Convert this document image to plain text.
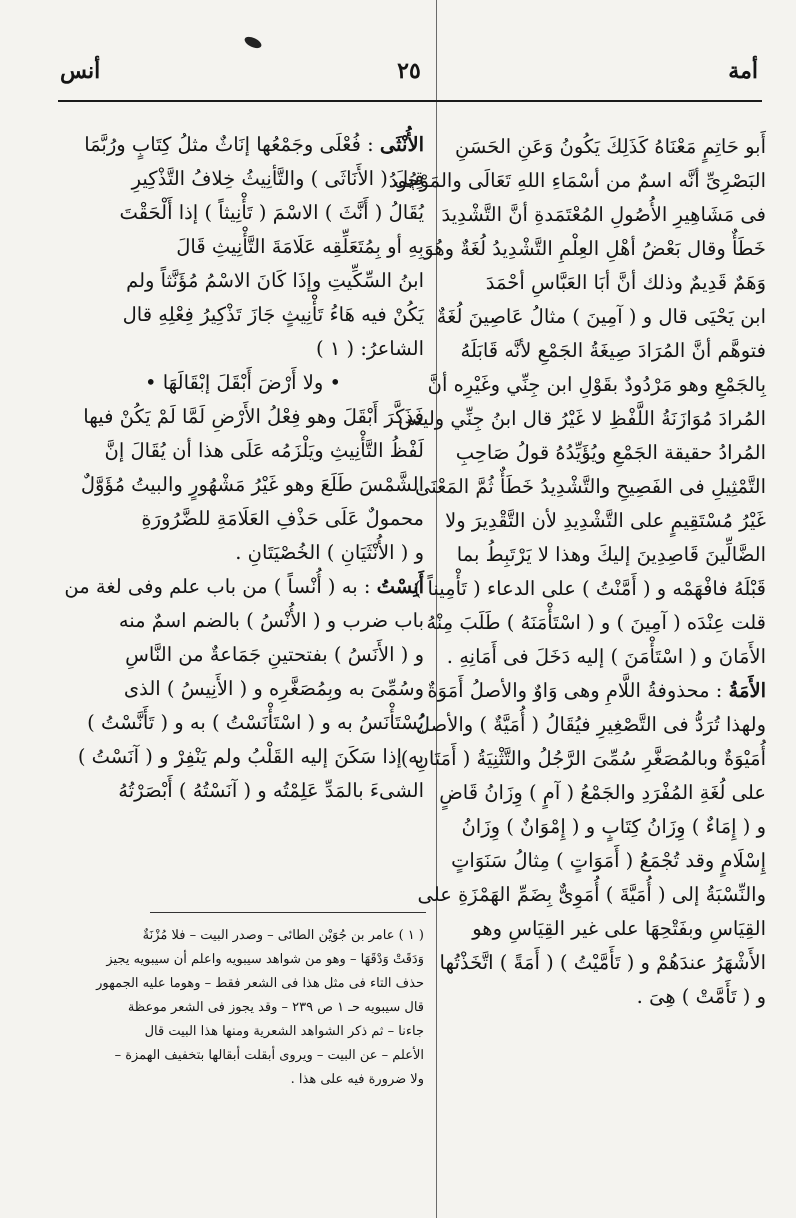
أمة
٢٥
أنس
أَبو حَاتِمٍ مَعْنَاهُ كَذَلِكَ يَكُونُ وَعَنِ الحَسَنِ
البَصْرِىِّ أنَّه اسمٌ من أسْمَاءِ اللهِ تَعَالَى والمَوْجُودُ
فى مَشَاهِيرِ الأُصُولِ المُعْتَمَدةِ أنَّ التَّشْدِيدَ
خَطَأٌ وقال بَعْضُ أهْلِ العِلْمِ التَّشْدِيدُ لُغَةٌ وهُوَ
وَهَمٌ قَدِيمٌ وذلك أنَّ أبَا العَبَّاسِ أحْمَدَ
ابن يَحْيَى قال و ( آمِينَ ) مثالُ عَاصِينَ لُغَةٌ
فتوهَّم أنَّ المُرَادَ صِيغَةُ الجَمْعِ لأنَّه قَابَلَهُ
بِالجَمْعِ وهو مَرْدُودٌ بقَوْلِ ابن جِنِّي وغَيْرِه أنَّ
المُرادَ مُوَازَنَةُ اللَّفْظِ لا غَيْرُ قال ابنُ جِنِّي وليس
المُرادُ حقيقة الجَمْعِ ويُؤَيِّدُهُ قولُ صَاحِبِ
التَّمْثِيلِ فى الفَصِيحِ والتَّشْدِيدُ خَطَأٌ ثُمَّ المَعْنَى
غَيْرُ مُسْتَقِيمٍ على التَّشْدِيدِ لأن التَّقْدِيرَ ولا
الضَّالِّينَ قَاصِدِينَ إليكَ وهذا لا يَرْتَبِطُ بما
قَبْلَهُ فافْهَمْه و ( أَمَّنْتُ ) على الدعاء ( تَأْمِيناً )
قلت عِنْدَه ( آمِينَ ) و ( اسْتَأْمَنَهُ ) طَلَبَ مِنْهُ
الأَمَانَ و ( اسْتَأْمَنَ ) إليه دَخَلَ فى أَمَانِهِ .
الأَمَةُ : محذوفةُ اللَّامِ وهى وَاوٌ والأصلُ أَمَوَةٌ
ولهذا تُرَدُّ فى التَّصْغِيرِ فيُقَالُ ( أُمَيَّةٌ ) والأصلُ
أُمَيْوَةٌ وبالمُصَغَّرِ سُمِّىَ الرَّجُلُ والتَّثْنِيَةُ ( أَمَتَانِ )
على لُغَةِ المُفْرَدِ والجَمْعُ ( آمٍ ) وِزَانُ قَاضٍ
و ( إِمَاءٌ ) وِزَانُ كِتَابٍ و ( إِمْوَانٌ ) وِزَانُ
إِسْلَامٍ وقد تُجْمَعُ ( أَمَوَاتٍ ) مِثالُ سَنَوَاتٍ
والنِّسْبَةُ إلى ( أُمَيَّةَ ) أُمَوِىٌّ بِضَمِّ الهَمْزَةِ على
القِيَاسِ وبفَتْحِهَا على غير القِيَاسِ وهو
الأَشْهَرُ عندَهُمْ و ( تَأَمَّيْتُ ) ( أَمَةً ) اتَّخَذْتُها
و ( تَأَمَّتْ ) هِىَ .
الأُنْثَى : فُعْلَى وجَمْعُها إنَاثٌ مثلُ كِتَابٍ ورُبَّمَا
قِيلَ ( الأَنَاثَى ) والتَّأنِيثُ خِلافُ التَّذْكِيرِ
يُقَالُ ( أَنَّثَ ) الاسْمَ ( تَأْنِيثاً ) إذا أَلْحَقْتَ
بِهِ أو بِمُتَعَلِّقِه عَلَامَةَ التَّأْنِيثِ قَالَ
ابنُ السِّكِّيتِ وإذَا كَانَ الاسْمُ مُؤَنَّثاً ولم
يَكُنْ فيه هَاءُ تَأْنِيثٍ جَازَ تَذْكِيرُ فِعْلِهِ قال
الشاعرُ: ( ١ )
• ولا أَرْضَ أَبْقَلَ إبْقَالَهَا •
فَذَكَّرَ أَبْقَلَ وهو فِعْلُ الأَرْضِ لَمَّا لَمْ يَكُنْ فيها
لَفْظُ التَّأْنِيثِ ويَلْزَمُه عَلَى هذا أن يُقَالَ إنَّ
الشَّمْسَ طَلَعَ وهو غَيْرُ مَشْهُورٍ والبيتُ مُؤَوَّلٌ
محمولٌ عَلَى حَذْفِ العَلَامَةِ للضَّرُورَةِ
و ( الأُنْثَيَانِ ) الخُصْيَتَانِ .
أَنِسْتُ : به ( أُنْساً ) من باب علم وفى لغة من
باب ضرب و ( الأُنْسُ ) بالضم اسمٌ منه
و ( الأَنَسُ ) بفتحتينِ جَمَاعةٌ من النَّاسِ
وسُمِّىَ به وبِمُصَغَّرِه و ( الأَنِيسُ ) الذى
يُسْتَأْنَسُ به و ( اسْتَأْنَسْتُ ) به و ( تَأَنَّسْتُ )
به إذا سَكَنَ إليه القَلْبُ ولم يَنْفِرْ و ( آنَسْتُ )
الشىءَ بالمَدِّ عَلِمْتُه و ( آنَسْتُهُ ) أَبْصَرْتُهُ
( ١ ) عامر بن جُوَيْن الطائى – وصدر البيت – فلا مُزْنَةٌ
وَدَقَتْ وَدْقَهَا – وهو من شواهد سيبويه واعلم أن سيبويه يجيز
حذف التاء فى مثل هذا فى الشعر فقط – وهوما عليه الجمهور
قال سيبويه حـ ١ ص ٢٣٩ – وقد يجوز فى الشعر موعظة
جاءنا – ثم ذكر الشواهد الشعرية ومنها هذا البيت قال
الأعلم – عن البيت – ويروى أبقلت أبقالها بتخفيف الهمزة –
ولا ضرورة فيه على هذا .
